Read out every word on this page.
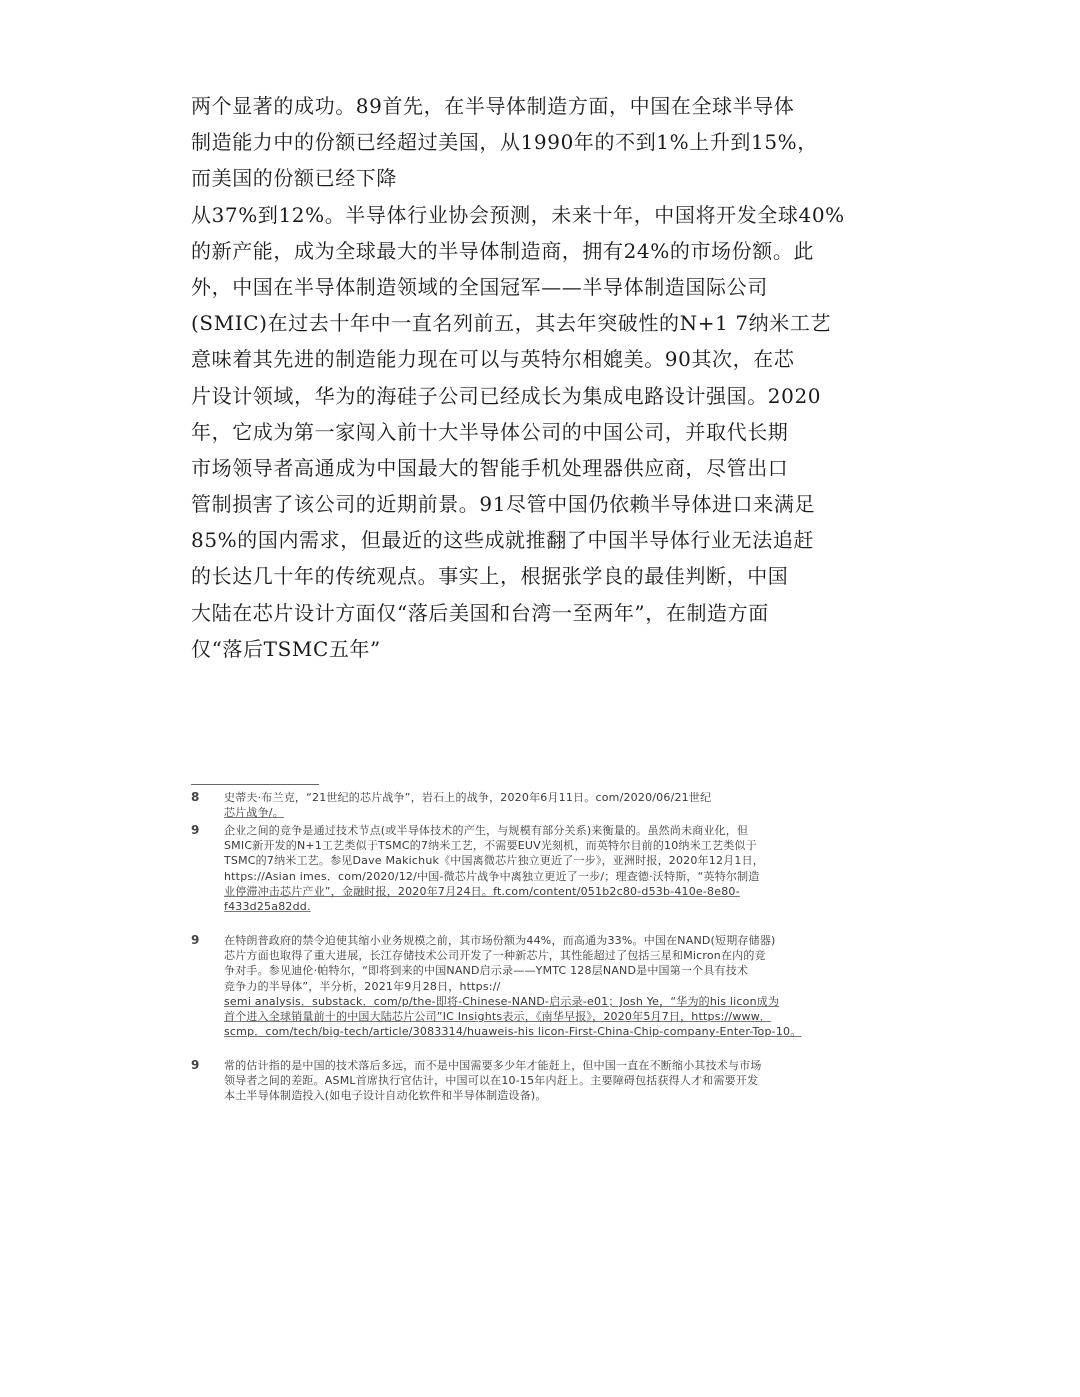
两个显著的成功。89首先，在半导体制造方面，中国在全球半导体
制造能力中的份额已经超过美国，从1990年的不到1%上升到15%，
而美国的份额已经下降
从37%到12%。半导体行业协会预测，未来十年，中国将开发全球40%
的新产能，成为全球最大的半导体制造商，拥有24%的市场份额。此
外，中国在半导体制造领域的全国冠军——半导体制造国际公司
(SMIC)在过去十年中一直名列前五，其去年突破性的N+1 7纳米工艺
意味着其先进的制造能力现在可以与英特尔相媲美。90其次，在芯
片设计领域，华为的海硅子公司已经成长为集成电路设计强国。2020
年，它成为第一家闯入前十大半导体公司的中国公司，并取代长期
市场领导者高通成为中国最大的智能手机处理器供应商，尽管出口
管制损害了该公司的近期前景。91尽管中国仍依赖半导体进口来满足
85%的国内需求，但最近的这些成就推翻了中国半导体行业无法追赶
的长达几十年的传统观点。事实上，根据张学良的最佳判断，中国
大陆在芯片设计方面仅“落后美国和台湾一至两年”，在制造方面
仅“落后TSMC五年”
8	史蒂夫·布兰克，“21世纪的芯片战争”，岩石上的战争，2020年6月11日。com/2020/06/21世纪
芯片战争/。
9	企业之间的竞争是通过技术节点(或半导体技术的产生，与规模有部分关系)来衡量的。虽然尚未商业化，但
SMIC新开发的N+1工艺类似于TSMC的7纳米工艺，不需要EUV光刻机，而英特尔目前的10纳米工艺类似于
TSMC的7纳米工艺。参见Dave Makichuk《中国离微芯片独立更近了一步》，亚洲时报，2020年12月1日，
https://Asian imes．com/2020/12/中国-微芯片战争中离独立更近了一步/；理查德·沃特斯，“英特尔制造
业停滞冲击芯片产业”，金融时报，2020年7月24日。ft.com/content/051b2c80-d53b-410e-8e80-
f433d25a82dd.
9	在特朗普政府的禁令迫使其缩小业务规模之前，其市场份额为44%，而高通为33%。中国在NAND(短期存储器)
芯片方面也取得了重大进展，长江存储技术公司开发了一种新芯片，其性能超过了包括三星和Micron在内的竞
争对手。参见迪伦·帕特尔，“即将到来的中国NAND启示录——YMTC 128层NAND是中国第一个具有技术
竞争力的半导体”，半分析，2021年9月28日，https://
semi analysis．substack．com/p/the-即将-Chinese-NAND-启示录-e01；Josh Ye，“华为的his licon成为
首个进入全球销量前十的中国大陆芯片公司”IC Insights表示，《南华早报》，2020年5月7日，https://www．
scmp．com/tech/big-tech/article/3083314/huaweis-his licon-First-China-Chip-company-Enter-Top-10。
9	常的估计指的是中国的技术落后多远，而不是中国需要多少年才能赶上，但中国一直在不断缩小其技术与市场
领导者之间的差距。ASML首席执行官估计，中国可以在10-15年内赶上。主要障碍包括获得人才和需要开发
本土半导体制造投入(如电子设计自动化软件和半导体制造设备)。
